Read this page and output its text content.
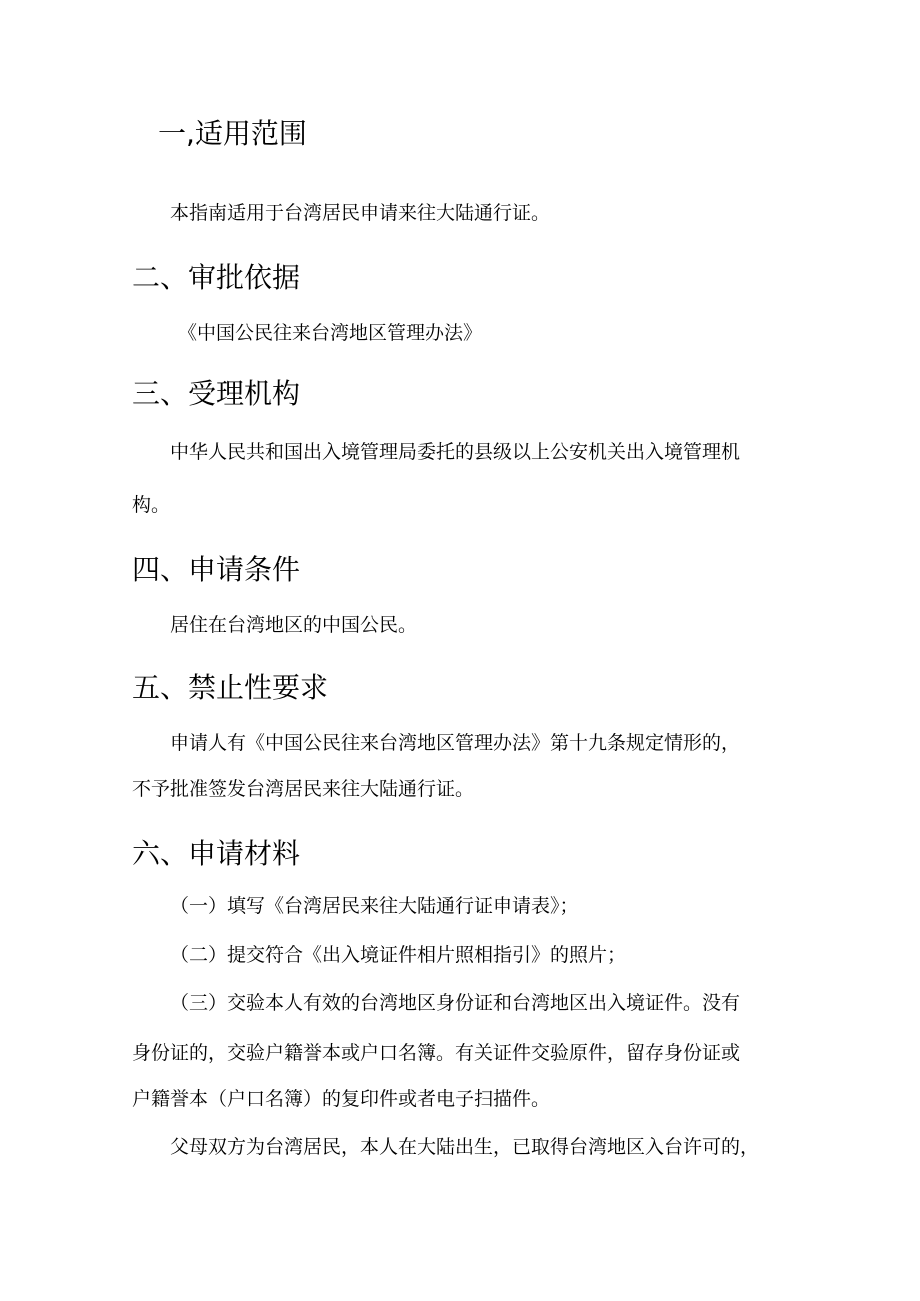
一,适用范围

本指南适用于台湾居民申请来往大陆通行证。

二、审批依据

《中国公民往来台湾地区管理办法》

三、受理机构

中华人民共和国出入境管理局委托的县级以上公安机关出入境管理机

构。

四、申请条件

居住在台湾地区的中国公民。

五、禁止性要求

申请人有《中国公民往来台湾地区管理办法》第十九条规定情形的，

不予批准签发台湾居民来往大陆通行证。

六、申请材料

（一）填写《台湾居民来往大陆通行证申请表》；

（二）提交符合《出入境证件相片照相指引》的照片；

（三）交验本人有效的台湾地区身份证和台湾地区出入境证件。没有

身份证的，交验户籍誉本或户口名簿。有关证件交验原件，留存身份证或

户籍誉本（户口名簿）的复印件或者电子扫描件。

父母双方为台湾居民，本人在大陆出生，已取得台湾地区入台许可的，
